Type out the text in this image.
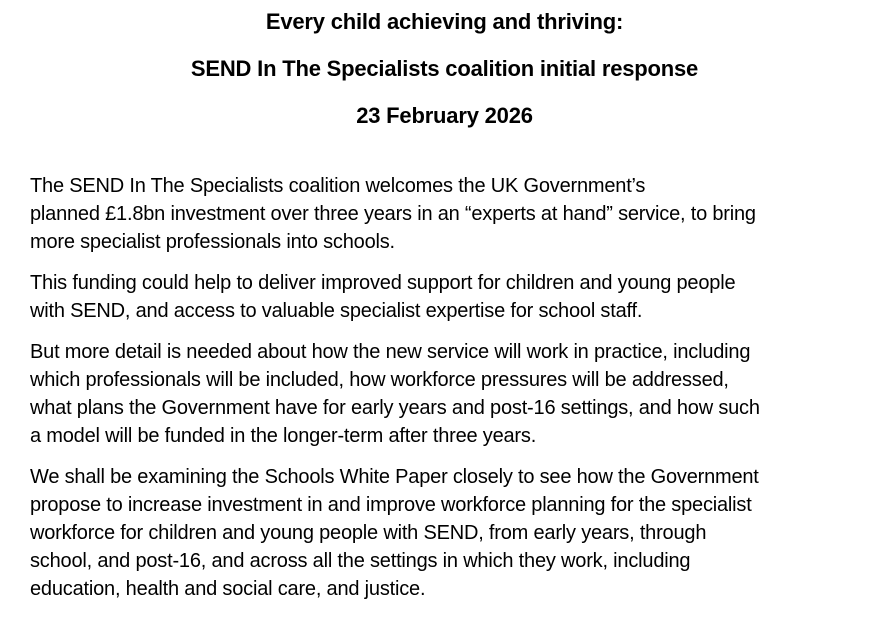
Every child achieving and thriving:
SEND In The Specialists coalition initial response
23 February 2026
The SEND In The Specialists coalition welcomes the UK Government’s
planned £1.8bn investment over three years in an “experts at hand” service, to bring
more specialist professionals into schools.
This funding could help to deliver improved support for children and young people
with SEND, and access to valuable specialist expertise for school staff.
But more detail is needed about how the new service will work in practice, including
which professionals will be included, how workforce pressures will be addressed,
what plans the Government have for early years and post-16 settings, and how such
a model will be funded in the longer-term after three years.
We shall be examining the Schools White Paper closely to see how the Government
propose to increase investment in and improve workforce planning for the specialist
workforce for children and young people with SEND, from early years, through
school, and post-16, and across all the settings in which they work, including
education, health and social care, and justice.
